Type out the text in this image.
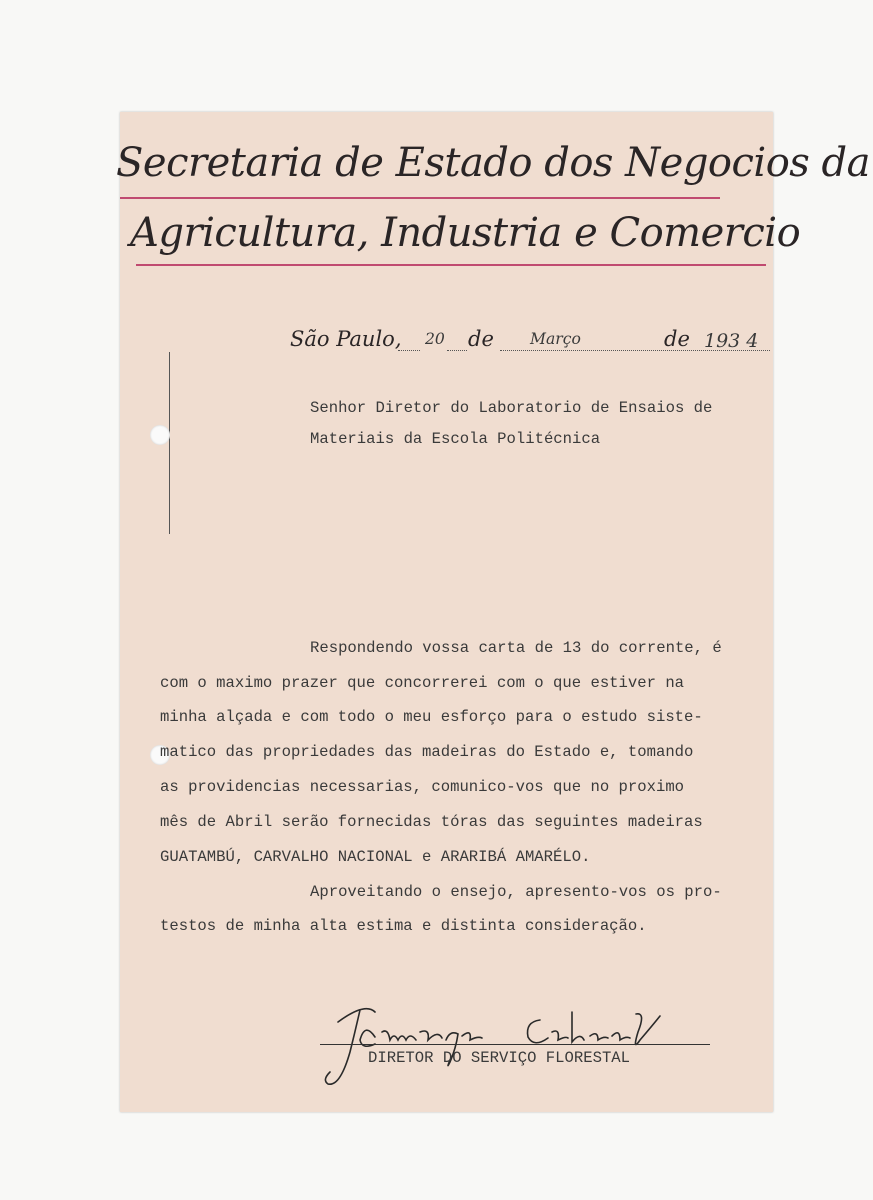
Secretaria de Estado dos Negocios da
Agricultura, Industria e Comercio
São Paulo, 20 de Março	de 193 4
Senhor Diretor do Laboratorio de Ensaios de
Materiais da Escola Politécnica
Respondendo vossa carta de 13 do corrente, é
com o maximo prazer que concorrerei com o que estiver na
minha alçada e com todo o meu esforço para o estudo siste-
matico das propriedades das madeiras do Estado e, tomando
as providencias necessarias, comunico-vos que no proximo
mês de Abril serão fornecidas tóras das seguintes madeiras
GUATAMBÚ, CARVALHO NACIONAL e ARARIBÁ AMARÉLO.
Aproveitando o ensejo, apresento-vos os pro-
testos de minha alta estima e distinta consideração.
DIRETOR DO SERVIÇO FLORESTAL
